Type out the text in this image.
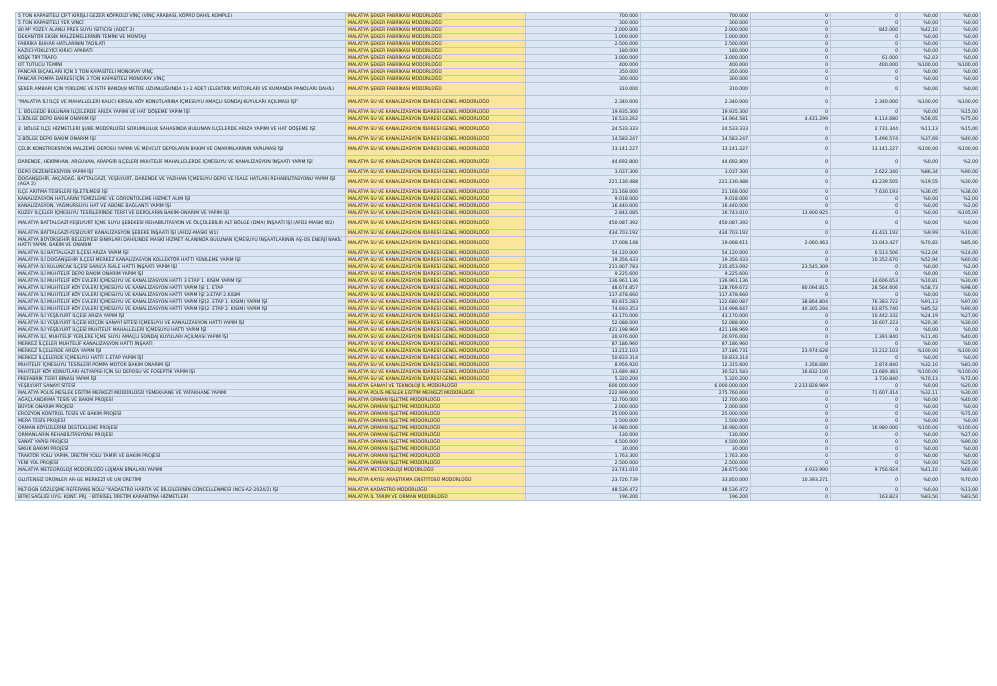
5 TON KAPASİTELİ ÇİFT KİRİŞLİ GEZER KÖPRÜLÜ VİNÇ (VİNÇ ARABASI, KÖPRÜ DAHİL KOMPLE)	MALATYA ŞEKER FABRİKASI MÜDÜRLÜĞÜ	700.000	700.000	0	0	%0,00	%0,00
5 TON KAPASİTELİ YER VİNCİ	MALATYA ŞEKER FABRİKASI MÜDÜRLÜĞÜ	300.000	300.000	0	0	%0,00	%0,00
80 M² YÜZEY ALANLI PRES SUYU ISITICISI (ADET 2)	MALATYA ŞEKER FABRİKASI MÜDÜRLÜĞÜ	2.000.000	2.000.000	0	842.000	%42,10	%0,00
DEKANTÖR EKSİK MALZEMELERİNİN TEMİNİ VE MONTAJI	MALATYA ŞEKER FABRİKASI MÜDÜRLÜĞÜ	1.000.000	1.000.000	0	0	%0,00	%0,00
FABRİKA BUHAR HATLARININ TADİLATI	MALATYA ŞEKER FABRİKASI MÜDÜRLÜĞÜ	2.500.000	2.500.000	0	0	%0,00	%0,00
KAZICI-YÜKLEYİCİ KIRICI APARATI	MALATYA ŞEKER FABRİKASI MÜDÜRLÜĞÜ	180.000	180.000	0	0	%0,00	%0,00
KÖŞK TİPİ TRAFO	MALATYA ŞEKER FABRİKASI MÜDÜRLÜĞÜ	3.000.000	3.000.000	0	61.000	%2,03	%0,00
OT TUTUCU TEMİNİ	MALATYA ŞEKER FABRİKASI MÜDÜRLÜĞÜ	400.000	400.000	0	400.000	%100,00	%100,00
PANCAR BIÇAKLARI İÇİN 5 TON KAPASİTELİ MONORAY VİNÇ	MALATYA ŞEKER FABRİKASI MÜDÜRLÜĞÜ	350.000	350.000	0	0	%0,00	%0,00
PANCAR POMPA DAİRESİ İÇİN 3 TON KAPASİTELİ MONORAY VİNÇ	MALATYA ŞEKER FABRİKASI MÜDÜRLÜĞÜ	300.000	300.000	0	0	%0,00	%0,00
ŞEKER AMBARI İÇİN YÜKLEME VE İSTİF BANDI(8 METRE UZUNLUĞUNDA 1+2 ADET (ELEKTRİK MOTORLARI VE KUMANDA PANOLARI DAHİL)	MALATYA ŞEKER FABRİKASI MÜDÜRLÜĞÜ	310.000	310.000	0	0	%0,00	%0,00
"MALATYA İLİ İLÇE VE MAHALLELERİ KALICI KIRSAL KÖY KONUTLARINA İÇMESUYU AMAÇLI SONDAJ KUYULARI AÇILMASI İŞİ"	MALATYA SU VE KANALİZASYON İDARESİ GENEL MÜDÜRLÜĞÜ	2.340.000	2.340.000	0	2.340.000	%100,00	%100,00
1. BÖLGEDE BULUNAN İLÇELERDE ARIZA YAPIMI VE HAT DÖŞEME YAPIM İŞİ	MALATYA SU VE KANALİZASYON İDARESİ GENEL MÜDÜRLÜĞÜ	19.935.300	19.935.300	0	0	%0,00	%15,00
1.BÖLGE DEPO BAKIM ONARIM İŞİ	MALATYA SU VE KANALİZASYON İDARESİ GENEL MÜDÜRLÜĞÜ	10.533.262	14.964.581	4.431.299	6.114.680	%58,05	%75,00
2. BÖLGE İLÇE HİZMETLERİ ŞUBE MÜDÜRLÜĞÜ SORUMLULUK SAHASINDA BULUNAN İLÇELERDE ARIZA YAPIMI VE HAT DÖŞEME İŞİ	MALATYA SU VE KANALİZASYON İDARESİ GENEL MÜDÜRLÜĞÜ	24.533.333	24.533.333	0	2.731.344	%11,13	%15,00
2.BÖLGE DEPO BAKIM ONARIM İŞİ	MALATYA SU VE KANALİZASYON İDARESİ GENEL MÜDÜRLÜĞÜ	14.583.247	14.583.247	0	5.496.574	%37,69	%40,00
ÇELİK KONSTRÜKSİYON MALZEME DEPOSU YAPIMI VE MEVCUT DEPOLARIN BAKIM VE ONARIMLARININ YAPILMASI İŞİ	MALATYA SU VE KANALİZASYON İDARESİ GENEL MÜDÜRLÜĞÜ	13.141.227	13.141.227	0	13.141.227	%100,00	%100,00
DARENDE, HEKİMHAN, ARGUVAN, ARAPGİR İLÇELERİ MUHTELİF MAHALLELERDE İÇMESUYU VE KANALİZASYON İNŞAATI YAPIM İŞİ	MALATYA SU VE KANALİZASYON İDARESİ GENEL MÜDÜRLÜĞÜ	44.692.800	44.692.800	0	0	%0,00	%2,00
DEPO DEZENFEKSİYON YAPIM İŞİ	MALATYA SU VE KANALİZASYON İDARESİ GENEL MÜDÜRLÜĞÜ	3.037.300	3.037.300	0	2.622.340	%86,34	%90,00
DOĞANŞEHİR, AKÇADAĞ, BATTALGAZİ, YEŞİLYURT, DARENDE VE YAZIHAN İÇMESUYU DEPO VE İSALE HATLARI REHABİLİTASYONU YAPIM İŞİ (AGA 2)	MALATYA SU VE KANALİZASYON İDARESİ GENEL MÜDÜRLÜĞÜ	221.130.488	221.130.488	0	43.239.505	%19,55	%30,00
İLÇE ARITMA TESİSLERİ İŞLETİLMESİ İŞİ	MALATYA SU VE KANALİZASYON İDARESİ GENEL MÜDÜRLÜĞÜ	21.168.000	21.168.000	0	7.630.193	%36,05	%38,00
KANALİZASYON HATLARINI TEMİZLEME VE GÖRÜNTÜLEME HİZMET ALIM İŞİ	MALATYA SU VE KANALİZASYON İDARESİ GENEL MÜDÜRLÜĞÜ	9.018.000	9.018.000	0	0	%0,00	%2,00
KANALİZASYON, YAĞMURSUYU HAT VE ABONE BAĞLANTI YAPIM İŞİ	MALATYA SU VE KANALİZASYON İDARESİ GENEL MÜDÜRLÜĞÜ	16.440.000	16.440.000	0	0	%0,00	%2,00
KUZEY İLÇELER İÇMESUYU TESİSLERİNDE TERFİ VE DEPOLARIN BAKIM-ONARIM VE YAPIM İŞİ	MALATYA SU VE KANALİZASYON İDARESİ GENEL MÜDÜRLÜĞÜ	2.842.085	16.743.010	13.900.925	0	%0,00	%105,00
MALATYA BATTALGAZİ-YEŞİLYURT İÇME SUYU ŞEBEKESİ REHABİLİTASYON VE ÖLÇÜLEBİLİR ALT BÖLGE (DMA) İNŞAATI İŞİ (AFD2-MASKİ W2)	MALATYA SU VE KANALİZASYON İDARESİ GENEL MÜDÜRLÜĞÜ	450.087.392	450.087.392	0	0	%0,00	%0,00
MALATYA BATTALGAZİ-YEŞİLYURT KANALİZASYON ŞEBEKE İNŞAATI İŞİ (AFD2-MASKİ W1)	MALATYA SU VE KANALİZASYON İDARESİ GENEL MÜDÜRLÜĞÜ	434.703.192	434.703.192	0	43.431.192	%9,99	%10,00
MALATYA BÜYÜKŞEHİR BELEDİYESİ SINIRLARI DAHİLİNDE MASKİ HİZMET ALANINDA BULUNAN İÇMESUYU İNŞAATLARININ AŞ-OS ENERJİ NAKİL HATTI YAPIM, BAKIM VE ONARIM	MALATYA SU VE KANALİZASYON İDARESİ GENEL MÜDÜRLÜĞÜ	17.008.148	19.068.611	2.060.463	13.043.427	%70,82	%85,00
MALATYA İLİ BATTALGAZİ İLÇESİ ARIZA YAPIM İŞİ	MALATYA SU VE KANALİZASYON İDARESİ GENEL MÜDÜRLÜĞÜ	54.120.000	54.120.000	0	6.513.506	%12,04	%14,00
MALATYA İLİ DOĞANŞEHİR İLÇESİ MERKEZ KANALİZASYON KOLLEKTÖR HATTI YENİLEME YAPIM İŞİ	MALATYA SU VE KANALİZASYON İDARESİ GENEL MÜDÜRLÜĞÜ	19.356.433	19.356.433	0	10.352.670	%52,94	%60,00
MALATYA İLİ KULUNCAK İLÇESİ SARICA İSALE HATTI İNŞAATI YAPIM İŞİ	MALATYA SU VE KANALİZASYON İDARESİ GENEL MÜDÜRLÜĞÜ	211.907.783	235.453.092	23.545.309	0	%0,00	%2,00
MALATYA İLİ MUHTELİF DEPO BAKIM ONARIM YAPIM İŞİ	MALATYA SU VE KANALİZASYON İDARESİ GENEL MÜDÜRLÜĞÜ	9.225.600	9.225.600	0	0	%0,00	%0,00
MALATYA İLİ MUHTELİF KÖY EVLERİ İÇMESUYU VE KANALİZASYON HATTI 3 ETAP 1. KISIM YAPIM İŞİ	MALATYA SU VE KANALİZASYON İDARESİ GENEL MÜDÜRLÜĞÜ	136.961.136	136.961.136	0	14.606.653	%10,81	%30,00
MALATYA İLİ MUHTELİF KÖY EVLERİ İÇMESUYU VE KANALİZASYON HATTI YAPIM İŞİ 1. ETAP	MALATYA SU VE KANALİZASYON İDARESİ GENEL MÜDÜRLÜĞÜ	48.674.857	128.769.672	80.094.815	28.564.606	%58,73	%98,00
MALATYA İLİ MUHTELİF KÖY EVLERİ İÇMESUYU VE KANALİZASYON HATTI YAPIM İŞİ 3.ETAP 2.KISIM	MALATYA SU VE KANALİZASYON İDARESİ GENEL MÜDÜRLÜĞÜ	117.478.660	117.478.660	0	0	%0,00	%0,00
MALATYA İLİ MUHTELİF KÖY EVLERİ İÇMESUYU VE KANALİZASYON HATTI YAPIM İŞİ(2. ETAP 1. KISIM) YAPIM İŞİ	MALATYA SU VE KANALİZASYON İDARESİ GENEL MÜDÜRLÜĞÜ	83.815.283	122.680.087	38.864.804	76.383.722	%91,13	%97,00
MALATYA İLİ MUHTELİF KÖY EVLERİ İÇMESUYU VE KANALİZASYON HATTI YAPIM İŞİ(2. ETAP 2. KISIM) YAPIM İŞİ	MALATYA SU VE KANALİZASYON İDARESİ GENEL MÜDÜRLÜĞÜ	74.693.353	114.998.647	40.305.294	63.875.740	%85,52	%90,00
MALATYA İLİ YEŞİLYURT İLÇESİ ARIZA YAPIM İŞİ	MALATYA SU VE KANALİZASYON İDARESİ GENEL MÜDÜRLÜĞÜ	43.170.000	43.170.000	0	10.442.332	%24,19	%27,00
MALATYA İLİ YEŞİLYURT İLÇESİ KÜÇÜK SANAYİ SİTESİ İÇMESUYU VE KANALİZASYON HATTI YAPIM İŞİ	MALATYA SU VE KANALİZASYON İDARESİ GENEL MÜDÜRLÜĞÜ	52.088.000	52.088.000	0	10.607.223	%20,36	%30,00
MALATYA İLİ YEŞİLYURT İLÇESİ MUHTELİF MAHALLELERİ İÇMESUYU HATTI YAPIM İŞİ	MALATYA SU VE KANALİZASYON İDARESİ GENEL MÜDÜRLÜĞÜ	421.198.969	421.198.969	0	0	%0,00	%0,00
MALATYA İLİ, MUHTELİF YERLERE İÇME SUYU AMAÇLI SONDAJ KUYULARI AÇILMASI YAPIM İŞİ	MALATYA SU VE KANALİZASYON İDARESİ GENEL MÜDÜRLÜĞÜ	20.976.000	20.976.000	0	2.391.840	%11,40	%40,00
MERKEZ İLÇELER MUHTELİF KANALİZASYON HATTI İNŞAATI	MALATYA SU VE KANALİZASYON İDARESİ GENEL MÜDÜRLÜĞÜ	87.186.960	87.186.960	0	0	%0,00	%0,00
MERKEZ İLÇELERDE ARIZA YAPIM İŞİ	MALATYA SU VE KANALİZASYON İDARESİ GENEL MÜDÜRLÜĞÜ	13.212.103	37.186.731	23.974.628	13.212.103	%100,00	%100,00
MERKEZ İLÇELERDE İÇMESUYU HATTI 1.ETAP YAPIM İŞİ	MALATYA SU VE KANALİZASYON İDARESİ GENEL MÜDÜRLÜĞÜ	50.833.314	50.833.314	0	0	%0,00	%0,00
MUHTELİF İÇMESUYU TESİSLERİ POMPA MOTOR BAKIM ONARIM İŞİ	MALATYA SU VE KANALİZASYON İDARESİ GENEL MÜDÜRLÜĞÜ	8.956.920	12.315.600	3.358.680	2.874.840	%32,10	%81,00
MUHTELİF KÖY KONUTLARI ALTYAPISI İÇİN SU DEPOSU VE FOSEPTİK YAPIM İŞİ	MALATYA SU VE KANALİZASYON İDARESİ GENEL MÜDÜRLÜĞÜ	13.689.483	30.521.583	16.832.100	13.689.483	%100,00	%100,00
PREFABRİK TERFİ BİNASI YAPIM İŞİ	MALATYA SU VE KANALİZASYON İDARESİ GENEL MÜDÜRLÜĞÜ	5.320.200	5.320.200	0	3.730.840	%70,13	%72,00
YEŞİLYURT SANAYİ SİTESİ	MALATYA SANAYİ VE TEKNOLOJİ İL MÜDÜRLÜĞÜ	600.000.000	6.000.000.000	2.233.828.969	0	%0,00	%20,00
MALATYA POLİS MESLEK EĞİTİM MERKEZİ MÜDÜRLÜĞÜ YEMEKHANE VE YATAKHANE YAPIMI	MALATYA POLİS MESLEK EĞİTİM MERKEZİ MÜDÜRLÜĞÜ	222.999.000	275.760.000	0	71.607.414	%32,11	%30,00
AĞAÇLANDIRMA TESİS VE BAKIM PROJESİ	MALATYA ORMAN İŞLETME MÜDÜRLÜĞÜ	12.700.000	12.700.000	0	0	%0,00	%40,00
BÜYÜK ONARIM PROJESİ	MALATYA ORMAN İŞLETME MÜDÜRLÜĞÜ	2.000.000	2.000.000	0	0	%0,00	%0,00
EROZYON KONTROL TESİS VE BAKIM PROJESİ	MALATYA ORMAN İŞLETME MÜDÜRLÜĞÜ	25.000.000	25.000.000	0	0	%0,00	%75,00
MERA TESİS PROJESİ	MALATYA ORMAN İŞLETME MÜDÜRLÜĞÜ	1.500.000	1.500.000	0	0	%0,00	%0,00
ORMAN KÖYLÜLERİNİ DESTEKLEME PROJESİ	MALATYA ORMAN İŞLETME MÜDÜRLÜĞÜ	16.980.000	16.980.000	0	16.980.000	%100,00	%100,00
ORMANLARIN REHABİLİTASYONU PROJESİ	MALATYA ORMAN İŞLETME MÜDÜRLÜĞÜ	130.000	130.000	0	0	%0,00	%27,00
SANAT YAPISI PROJESİ	MALATYA ORMAN İŞLETME MÜDÜRLÜĞÜ	4.500.000	4.500.000	0	0	%0,00	%90,00
SIKUK BAKIMI PROJESİ	MALATYA ORMAN İŞLETME MÜDÜRLÜĞÜ	30.000	30.000	0	0	%0,00	%0,00
TRAKTÖR YOLU YAPIM, ÜRETİM YOLU TAMİR VE BAKIM PROJESİ	MALATYA ORMAN İŞLETME MÜDÜRLÜĞÜ	1.763.300	1.763.300	0	0	%0,00	%0,00
YENİ YOL PROJESİ	MALATYA ORMAN İŞLETME MÜDÜRLÜĞÜ	2.500.000	2.500.000	0	0	%0,00	%25,00
MALATYA METEOROLOJİ MÜDÜRLÜĞÜ LOJMAN BİNALARI YAPIMI	MALATYA METEOROLOJİ MÜDÜRLÜĞÜ	23.741.010	28.675.000	4.933.990	9.756.924	%41,10	%60,00
GLUTENSİZ ÜRÜNLER AR-GE MERKEZİ VE UN ÜRETİMİ	MALATYA KAYISI ARAŞTIRMA ENSTİTÜSÜ MÜDÜRLÜĞÜ	23.726.739	33.850.000	10.393.271	0	%0,00	%70,00
MLT-DGN SÖZLEŞME REFERANS NOLU "KADASTRO HARİTA VE BİLGİLERİNİN GÜNCELLENMESİ (NCS-A2-2024/2) İŞİ	MALATYA KADASTRO MÜDÜRLÜĞÜ	48.536.472	48.536.472	0	0	%0,00	%13,00
BİTKİ SAĞLIĞI UYG. KONT. PRJ. - BİTKİSEL ÜRETİM KARANTİNA HİZMETLERİ	MALATYA İL TARIM VE ORMAN MÜDÜRLÜĞÜ	196.200	196.200	0	163.823	%83,50	%83,50
